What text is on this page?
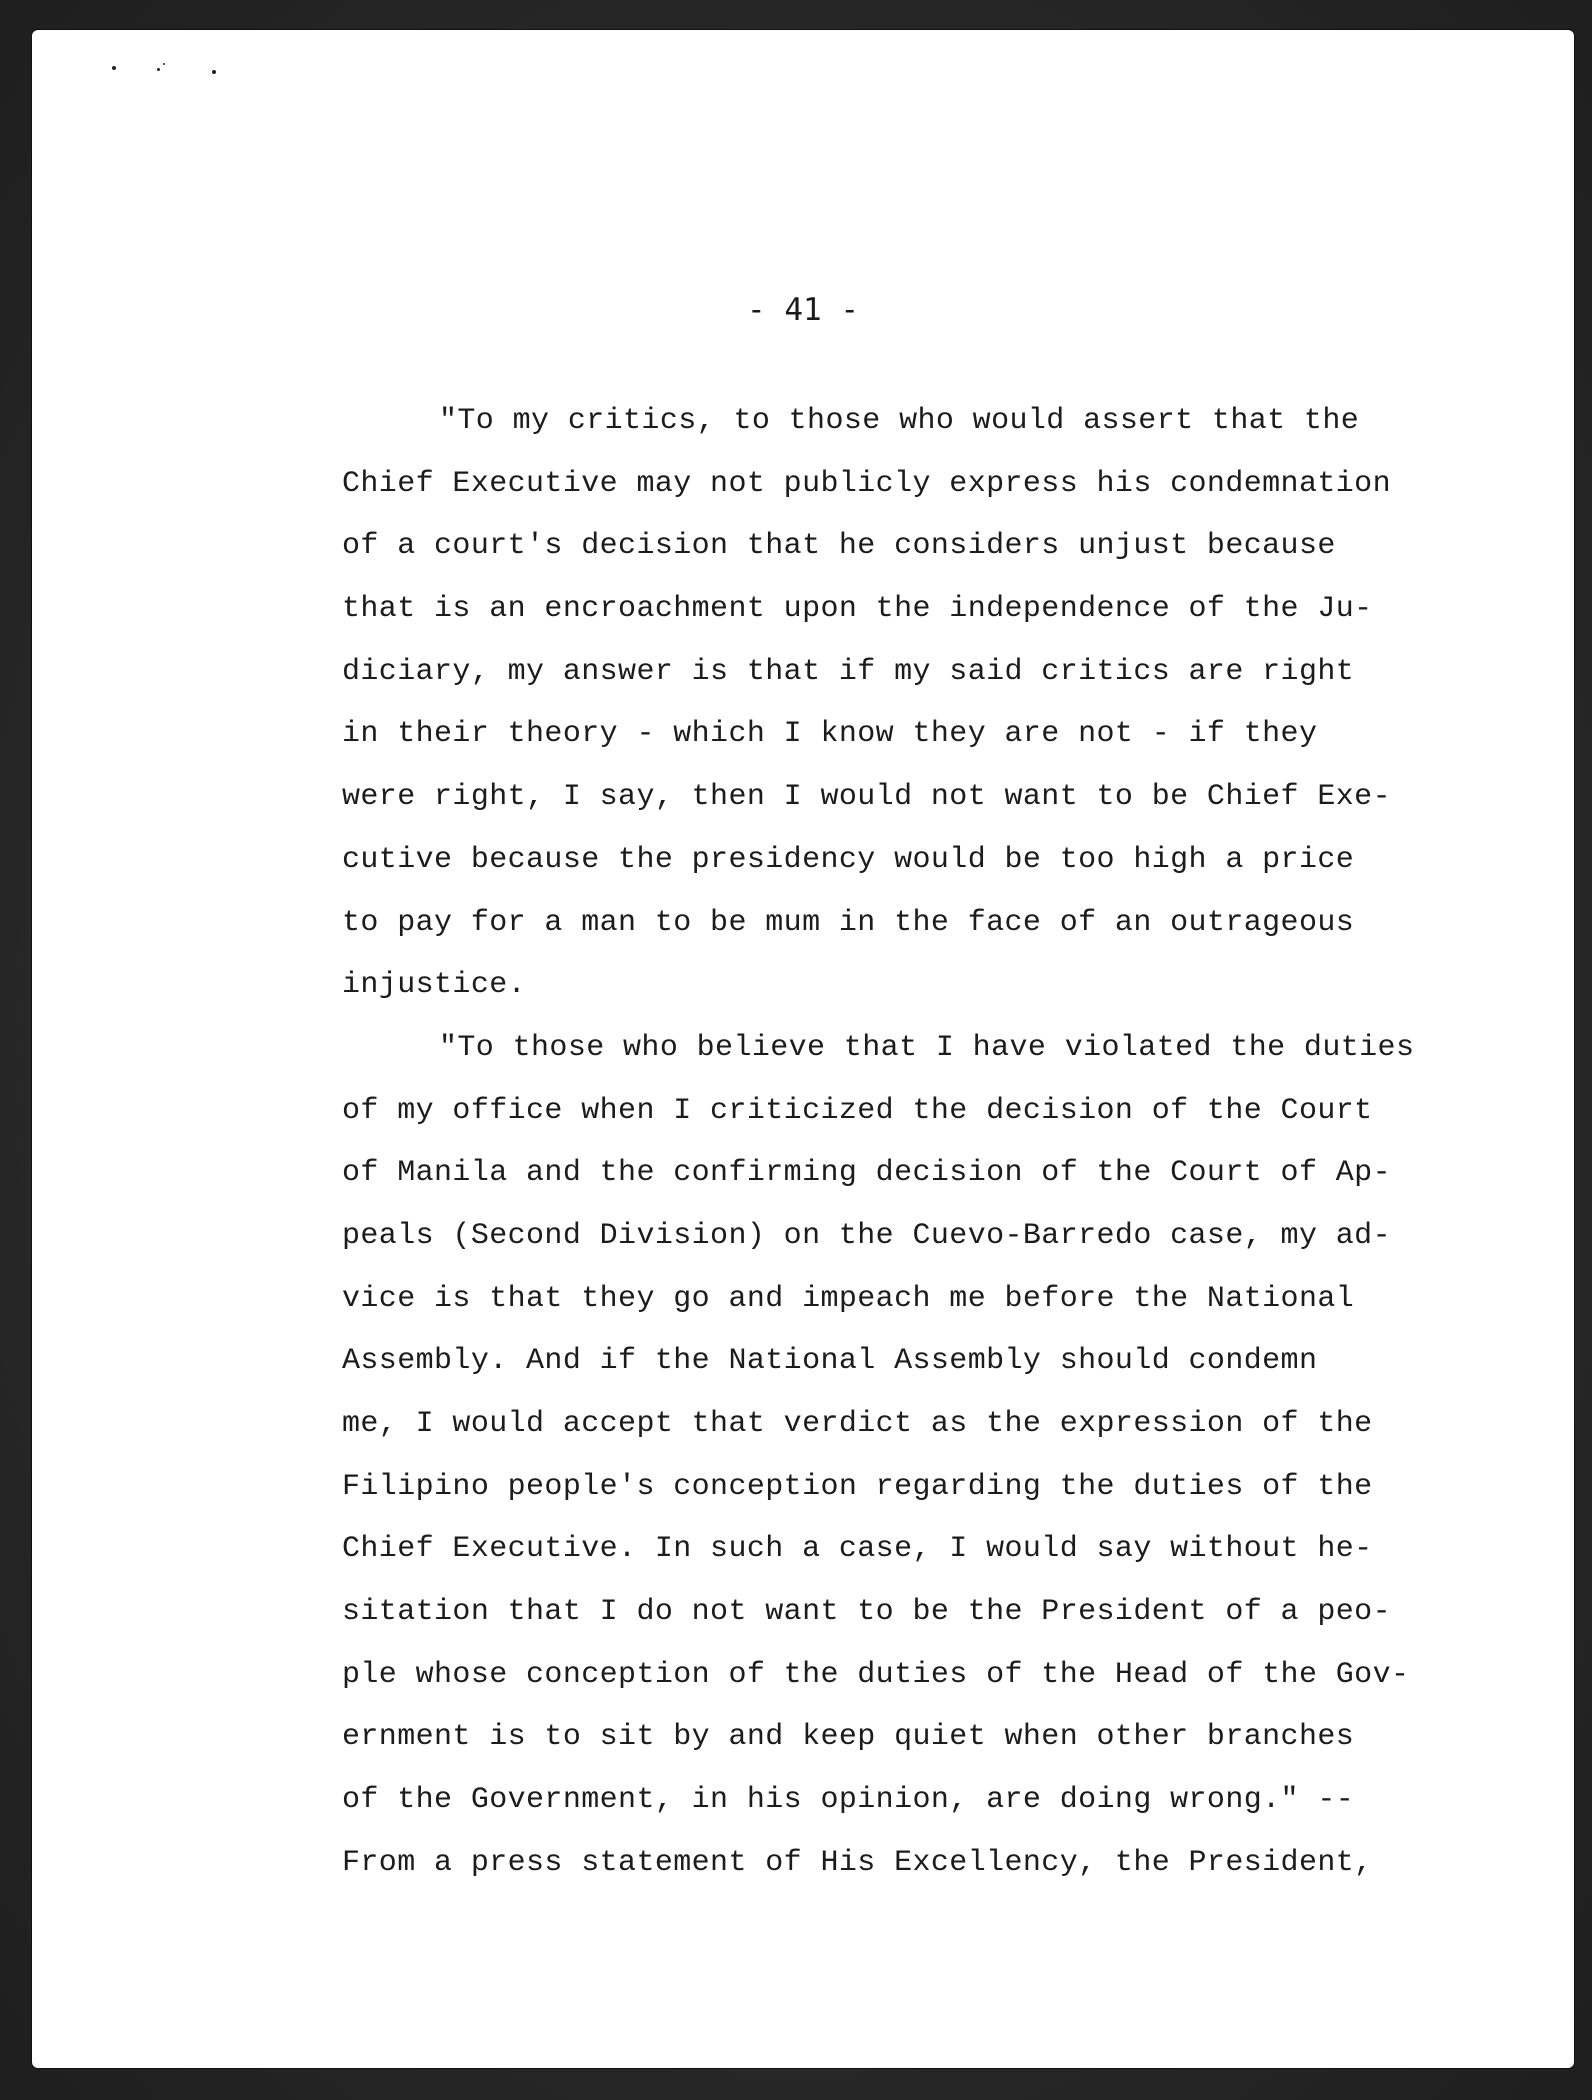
- 41 -

"To my critics, to those who would assert that the
Chief Executive may not publicly express his condemnation
of a court's decision that he considers unjust because
that is an encroachment upon the independence of the Ju-
diciary, my answer is that if my said critics are right
in their theory - which I know they are not - if they
were right, I say, then I would not want to be Chief Exe-
cutive because the presidency would be too high a price
to pay for a man to be mum in the face of an outrageous
injustice.
"To those who believe that I have violated the duties
of my office when I criticized the decision of the Court
of Manila and the confirming decision of the Court of Ap-
peals (Second Division) on the Cuevo-Barredo case, my ad-
vice is that they go and impeach me before the National
Assembly. And if the National Assembly should condemn
me, I would accept that verdict as the expression of the
Filipino people's conception regarding the duties of the
Chief Executive. In such a case, I would say without he-
sitation that I do not want to be the President of a peo-
ple whose conception of the duties of the Head of the Gov-
ernment is to sit by and keep quiet when other branches
of the Government, in his opinion, are doing wrong." --
From a press statement of His Excellency, the President,
